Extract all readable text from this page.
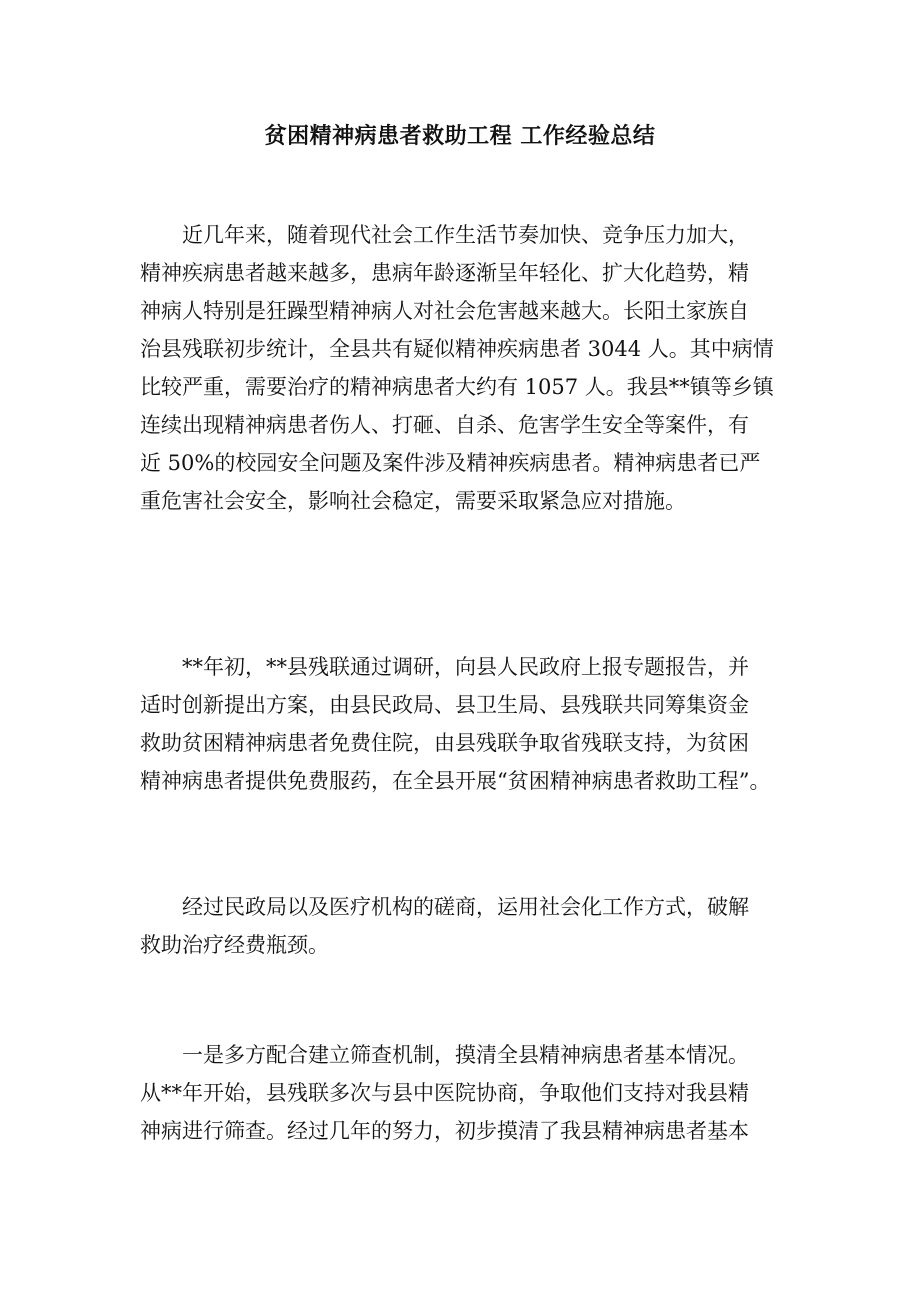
贫困精神病患者救助工程 工作经验总结
近几年来，随着现代社会工作生活节奏加快、竞争压力加大，
精神疾病患者越来越多，患病年龄逐渐呈年轻化、扩大化趋势，精
神病人特别是狂躁型精神病人对社会危害越来越大。长阳土家族自
治县残联初步统计，全县共有疑似精神疾病患者 3044 人。其中病情
比较严重，需要治疗的精神病患者大约有 1057 人。我县**镇等乡镇
连续出现精神病患者伤人、打砸、自杀、危害学生安全等案件，有
近 50%的校园安全问题及案件涉及精神疾病患者。精神病患者已严
重危害社会安全，影响社会稳定，需要采取紧急应对措施。
**年初，**县残联通过调研，向县人民政府上报专题报告，并
适时创新提出方案，由县民政局、县卫生局、县残联共同筹集资金
救助贫困精神病患者免费住院，由县残联争取省残联支持，为贫困
精神病患者提供免费服药，在全县开展“贫困精神病患者救助工程”。
经过民政局以及医疗机构的磋商，运用社会化工作方式，破解
救助治疗经费瓶颈。
一是多方配合建立筛查机制，摸清全县精神病患者基本情况。
从**年开始，县残联多次与县中医院协商，争取他们支持对我县精
神病进行筛查。经过几年的努力，初步摸清了我县精神病患者基本
